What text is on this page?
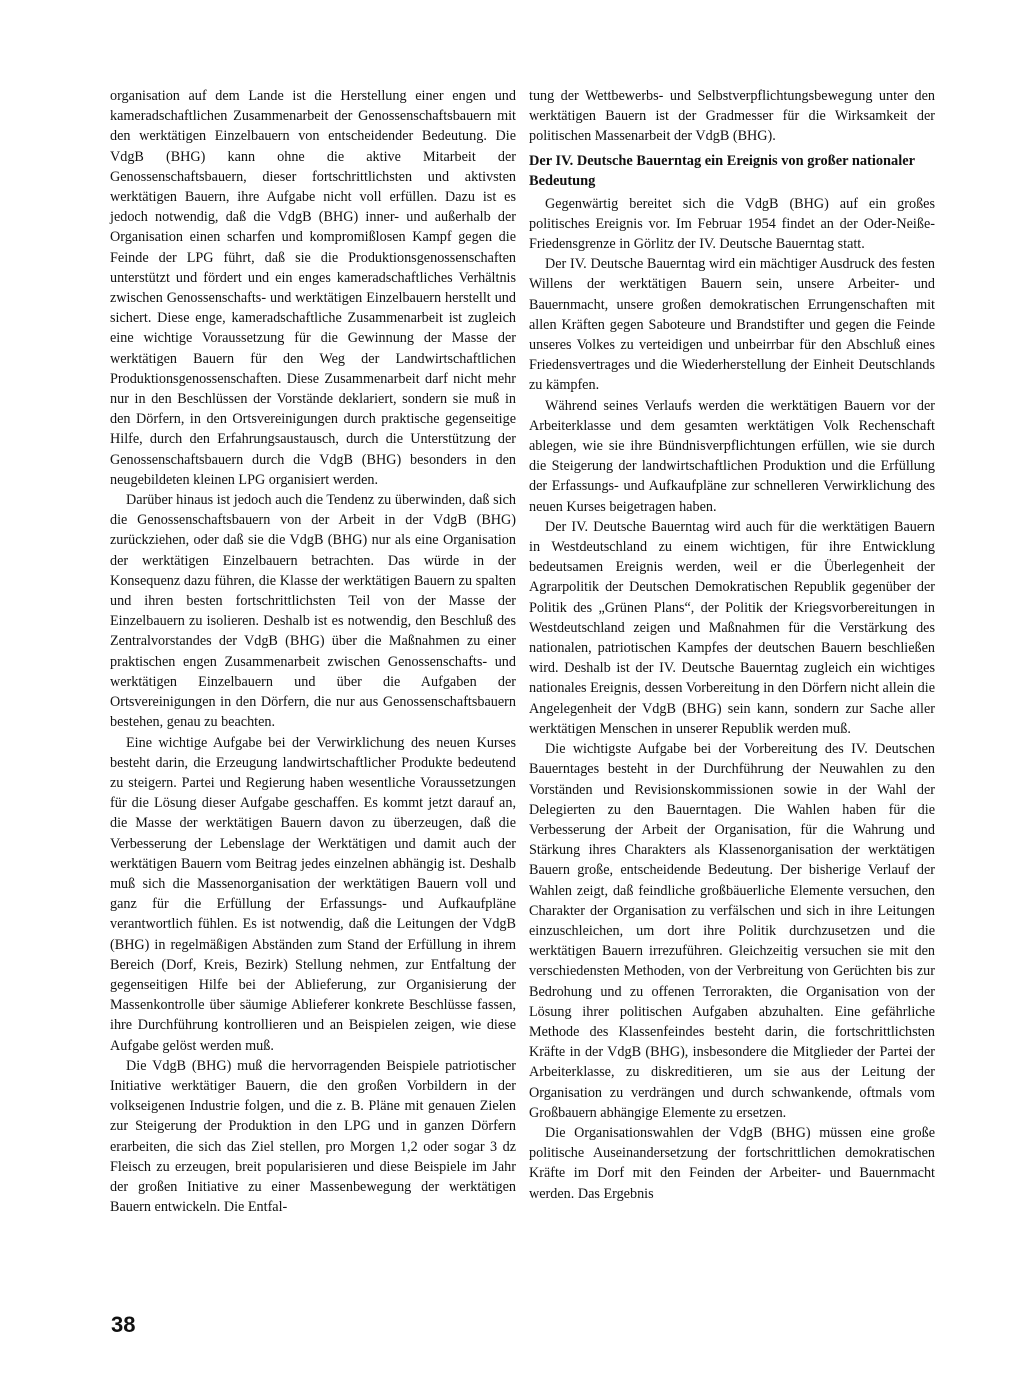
organisation auf dem Lande ist die Herstellung einer engen und kameradschaftlichen Zusammenarbeit der Genossenschaftsbauern mit den werktätigen Einzelbauern von entscheidender Bedeutung. Die VdgB (BHG) kann ohne die aktive Mitarbeit der Genossenschaftsbauern, dieser fortschrittlichsten und aktivsten werktätigen Bauern, ihre Aufgabe nicht voll erfüllen. Dazu ist es jedoch notwendig, daß die VdgB (BHG) inner- und außerhalb der Organisation einen scharfen und kompromißlosen Kampf gegen die Feinde der LPG führt, daß sie die Produktionsgenossenschaften unterstützt und fördert und ein enges kameradschaftliches Verhältnis zwischen Genossenschafts- und werktätigen Einzelbauern herstellt und sichert. Diese enge, kameradschaftliche Zusammenarbeit ist zugleich eine wichtige Voraussetzung für die Gewinnung der Masse der werktätigen Bauern für den Weg der Landwirtschaftlichen Produktionsgenossenschaften. Diese Zusammenarbeit darf nicht mehr nur in den Beschlüssen der Vorstände deklariert, sondern sie muß in den Dörfern, in den Ortsvereinigungen durch praktische gegenseitige Hilfe, durch den Erfahrungsaustausch, durch die Unterstützung der Genossenschaftsbauern durch die VdgB (BHG) besonders in den neugebildeten kleinen LPG organisiert werden.

Darüber hinaus ist jedoch auch die Tendenz zu überwinden, daß sich die Genossenschaftsbauern von der Arbeit in der VdgB (BHG) zurückziehen, oder daß sie die VdgB (BHG) nur als eine Organisation der werktätigen Einzelbauern betrachten. Das würde in der Konsequenz dazu führen, die Klasse der werktätigen Bauern zu spalten und ihren besten fortschrittlichsten Teil von der Masse der Einzelbauern zu isolieren. Deshalb ist es notwendig, den Beschluß des Zentralvorstandes der VdgB (BHG) über die Maßnahmen zu einer praktischen engen Zusammenarbeit zwischen Genossenschafts- und werktätigen Einzelbauern und über die Aufgaben der Ortsvereinigungen in den Dörfern, die nur aus Genossenschaftsbauern bestehen, genau zu beachten.

Eine wichtige Aufgabe bei der Verwirklichung des neuen Kurses besteht darin, die Erzeugung landwirtschaftlicher Produkte bedeutend zu steigern. Partei und Regierung haben wesentliche Voraussetzungen für die Lösung dieser Aufgabe geschaffen. Es kommt jetzt darauf an, die Masse der werktätigen Bauern davon zu überzeugen, daß die Verbesserung der Lebenslage der Werktätigen und damit auch der werktätigen Bauern vom Beitrag jedes einzelnen abhängig ist. Deshalb muß sich die Massenorganisation der werktätigen Bauern voll und ganz für die Erfüllung der Erfassungs- und Aufkaufpläne verantwortlich fühlen. Es ist notwendig, daß die Leitungen der VdgB (BHG) in regelmäßigen Abständen zum Stand der Erfüllung in ihrem Bereich (Dorf, Kreis, Bezirk) Stellung nehmen, zur Entfaltung der gegenseitigen Hilfe bei der Ablieferung, zur Organisierung der Massenkontrolle über säumige Ablieferer konkrete Beschlüsse fassen, ihre Durchführung kontrollieren und an Beispielen zeigen, wie diese Aufgabe gelöst werden muß.

Die VdgB (BHG) muß die hervorragenden Beispiele patriotischer Initiative werktätiger Bauern, die den großen Vorbildern in der volkseigenen Industrie folgen, und die z. B. Pläne mit genauen Zielen zur Steigerung der Produktion in den LPG und in ganzen Dörfern erarbeiten, die sich das Ziel stellen, pro Morgen 1,2 oder sogar 3 dz Fleisch zu erzeugen, breit popularisieren und diese Beispiele im Jahr der großen Initiative zu einer Massenbewegung der werktätigen Bauern entwickeln. Die Entfal-

tung der Wettbewerbs- und Selbstverpflichtungsbewegung unter den werktätigen Bauern ist der Gradmesser für die Wirksamkeit der politischen Massenarbeit der VdgB (BHG).

Der IV. Deutsche Bauerntag ein Ereignis von großer nationaler Bedeutung

Gegenwärtig bereitet sich die VdgB (BHG) auf ein großes politisches Ereignis vor. Im Februar 1954 findet an der Oder-Neiße-Friedensgrenze in Görlitz der IV. Deutsche Bauerntag statt.

Der IV. Deutsche Bauerntag wird ein mächtiger Ausdruck des festen Willens der werktätigen Bauern sein, unsere Arbeiter- und Bauernmacht, unsere großen demokratischen Errungenschaften mit allen Kräften gegen Saboteure und Brandstifter und gegen die Feinde unseres Volkes zu verteidigen und unbeirrbar für den Abschluß eines Friedensvertrages und die Wiederherstellung der Einheit Deutschlands zu kämpfen.

Während seines Verlaufs werden die werktätigen Bauern vor der Arbeiterklasse und dem gesamten werktätigen Volk Rechenschaft ablegen, wie sie ihre Bündnisverpflichtungen erfüllen, wie sie durch die Steigerung der landwirtschaftlichen Produktion und die Erfüllung der Erfassungs- und Aufkaufpläne zur schnelleren Verwirklichung des neuen Kurses beigetragen haben.

Der IV. Deutsche Bauerntag wird auch für die werktätigen Bauern in Westdeutschland zu einem wichtigen, für ihre Entwicklung bedeutsamen Ereignis werden, weil er die Überlegenheit der Agrarpolitik der Deutschen Demokratischen Republik gegenüber der Politik des „Grünen Plans“, der Politik der Kriegsvorbereitungen in Westdeutschland zeigen und Maßnahmen für die Verstärkung des nationalen, patriotischen Kampfes der deutschen Bauern beschließen wird. Deshalb ist der IV. Deutsche Bauerntag zugleich ein wichtiges nationales Ereignis, dessen Vorbereitung in den Dörfern nicht allein die Angelegenheit der VdgB (BHG) sein kann, sondern zur Sache aller werktätigen Menschen in unserer Republik werden muß.

Die wichtigste Aufgabe bei der Vorbereitung des IV. Deutschen Bauerntages besteht in der Durchführung der Neuwahlen zu den Vorständen und Revisionskommissionen sowie in der Wahl der Delegierten zu den Bauerntagen. Die Wahlen haben für die Verbesserung der Arbeit der Organisation, für die Wahrung und Stärkung ihres Charakters als Klassenorganisation der werktätigen Bauern große, entscheidende Bedeutung. Der bisherige Verlauf der Wahlen zeigt, daß feindliche großbäuerliche Elemente versuchen, den Charakter der Organisation zu verfälschen und sich in ihre Leitungen einzuschleichen, um dort ihre Politik durchzusetzen und die werktätigen Bauern irrezuführen. Gleichzeitig versuchen sie mit den verschiedensten Methoden, von der Verbreitung von Gerüchten bis zur Bedrohung und zu offenen Terrorakten, die Organisation von der Lösung ihrer politischen Aufgaben abzuhalten. Eine gefährliche Methode des Klassenfeindes besteht darin, die fortschrittlichsten Kräfte in der VdgB (BHG), insbesondere die Mitglieder der Partei der Arbeiterklasse, zu diskreditieren, um sie aus der Leitung der Organisation zu verdrängen und durch schwankende, oftmals vom Großbauern abhängige Elemente zu ersetzen.

Die Organisationswahlen der VdgB (BHG) müssen eine große politische Auseinandersetzung der fortschrittlichen demokratischen Kräfte im Dorf mit den Feinden der Arbeiter- und Bauernmacht werden. Das Ergebnis

38
